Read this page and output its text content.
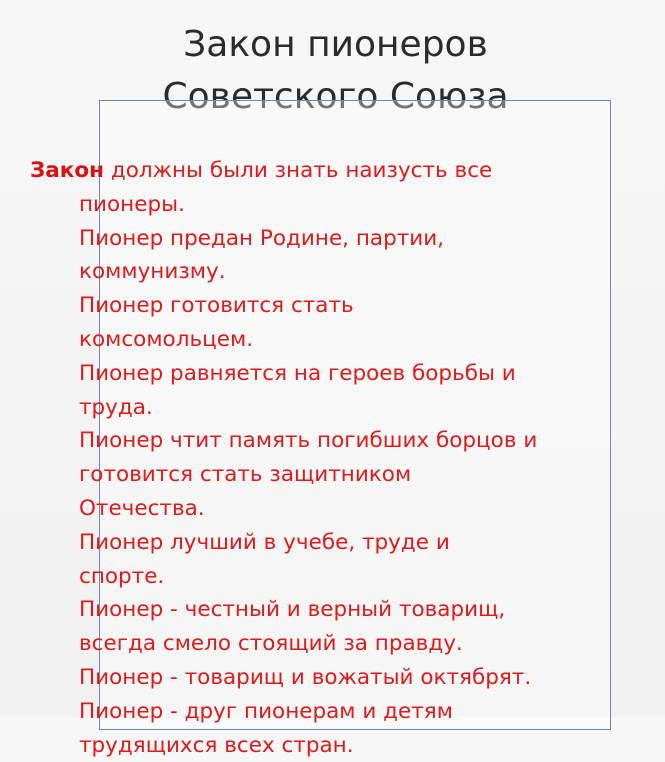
Закон пионеров
Советского Союза
Закон должны были знать наизусть все
пионеры.
Пионер предан Родине, партии,
коммунизму.
Пионер готовится стать
комсомольцем.
Пионер равняется на героев борьбы и
труда.
Пионер чтит память погибших борцов и
готовится стать защитником
Отечества.
Пионер лучший в учебе, труде и
спорте.
Пионер - честный и верный товарищ,
всегда смело стоящий за правду.
Пионер - товарищ и вожатый октябрят.
Пионер - друг пионерам и детям
трудящихся всех стран.
